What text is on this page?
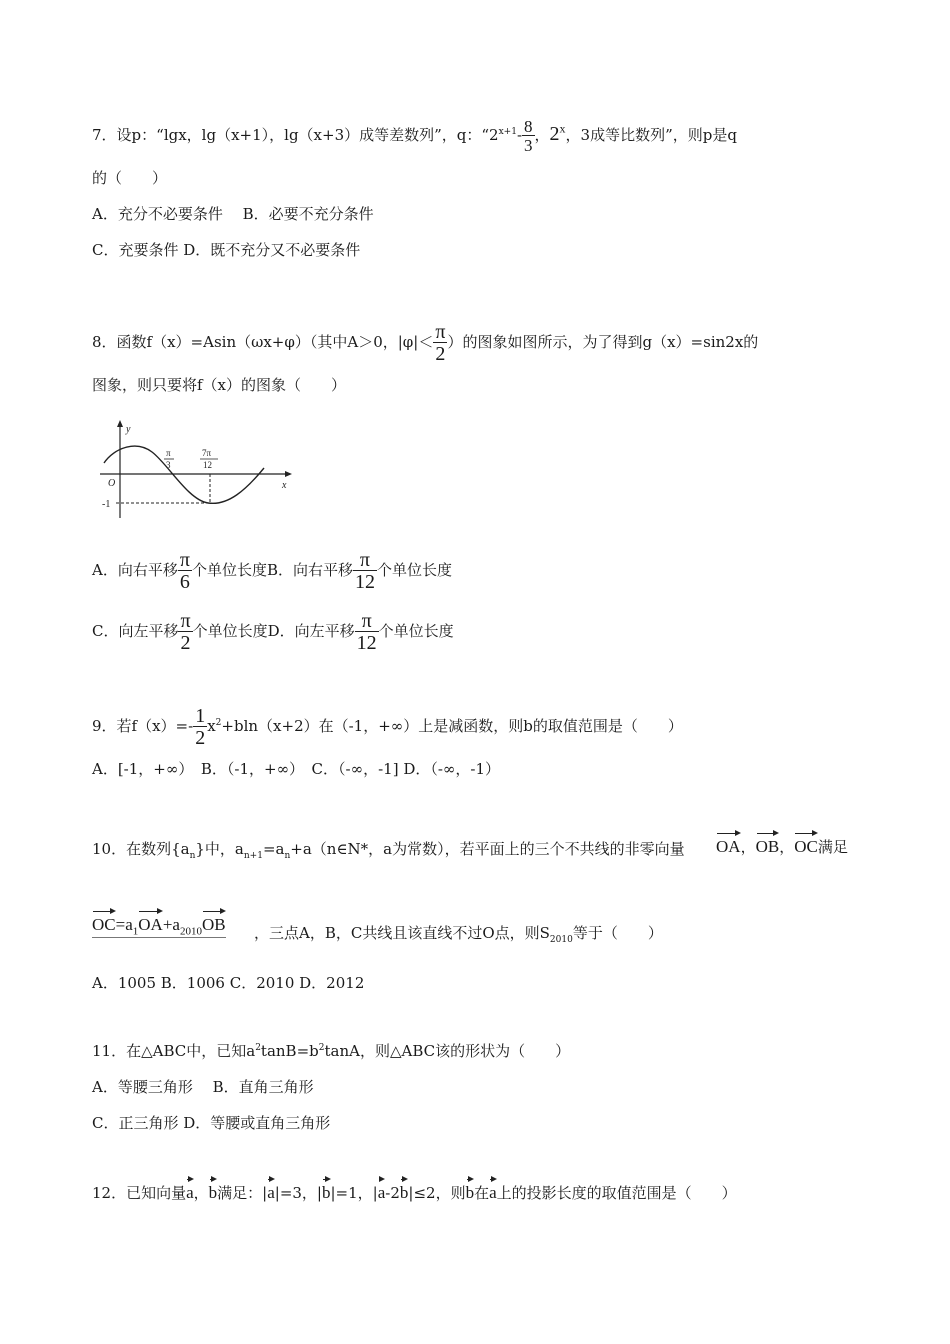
7．设p：“lgx，lg（x+1），lg（x+3）成等差数列”，q：“$2^{x+1}- \frac{8}{3}$ ，2$^x$，3成等比数列”，则p是q
的（　　）
A．充分不必要条件　 B．必要不充分条件
C．充要条件 D．既不充分又不必要条件
8．函数f（x）=Asin（ωx+φ）（其中A＞0，$|\varphi|< \frac{\pi}{2}$ ）的图象如图所示，为了得到g（x）=sin2x的
图象，则只要将f（x）的图象（　　）
y
x
O
-1
π
3
7π
12
A．向右平移 $\frac{\pi}{6}$ 个单位长度B．向右平移 $\frac{\pi}{12}$ 个单位长度
C．向左平移 $\frac{\pi}{2}$ 个单位长度D．向左平移 $\frac{\pi}{12}$ 个单位长度
9．若$f(x)=- \frac{1}{2} x^2+bln(x+2)$在（-1，+∞）上是减函数，则b的取值范围是（　　）
A．[-1，+∞）　B．（-1，+∞）　C．（-∞，-1] D．（-∞，-1）
10．在数列$\{a_n\}$中，$a_{n+1}=a_n+a(n\in N*$，a为常数），若平面上的三个不共线的非零向量 OA，OB，OC满足
$OC=a_1OA+a_{2010}OB$ ，三点A，B，C共线且该直线不过O点，则$S_{2010}$等于（　　）
A．1005 B．1006 C．2010 D．2012
11．在△ABC中，已知$a^2\tan B=b^2\tan A$，则△ABC该的形状为（　　）
A．等腰三角形　 B．直角三角形
C．正三角形 D．等腰或直角三角形
12．已知向量a，b满足：|a|=3，|b|=1，|a-2b|≤2，则b在a上的投影长度的取值范围是（　　）
